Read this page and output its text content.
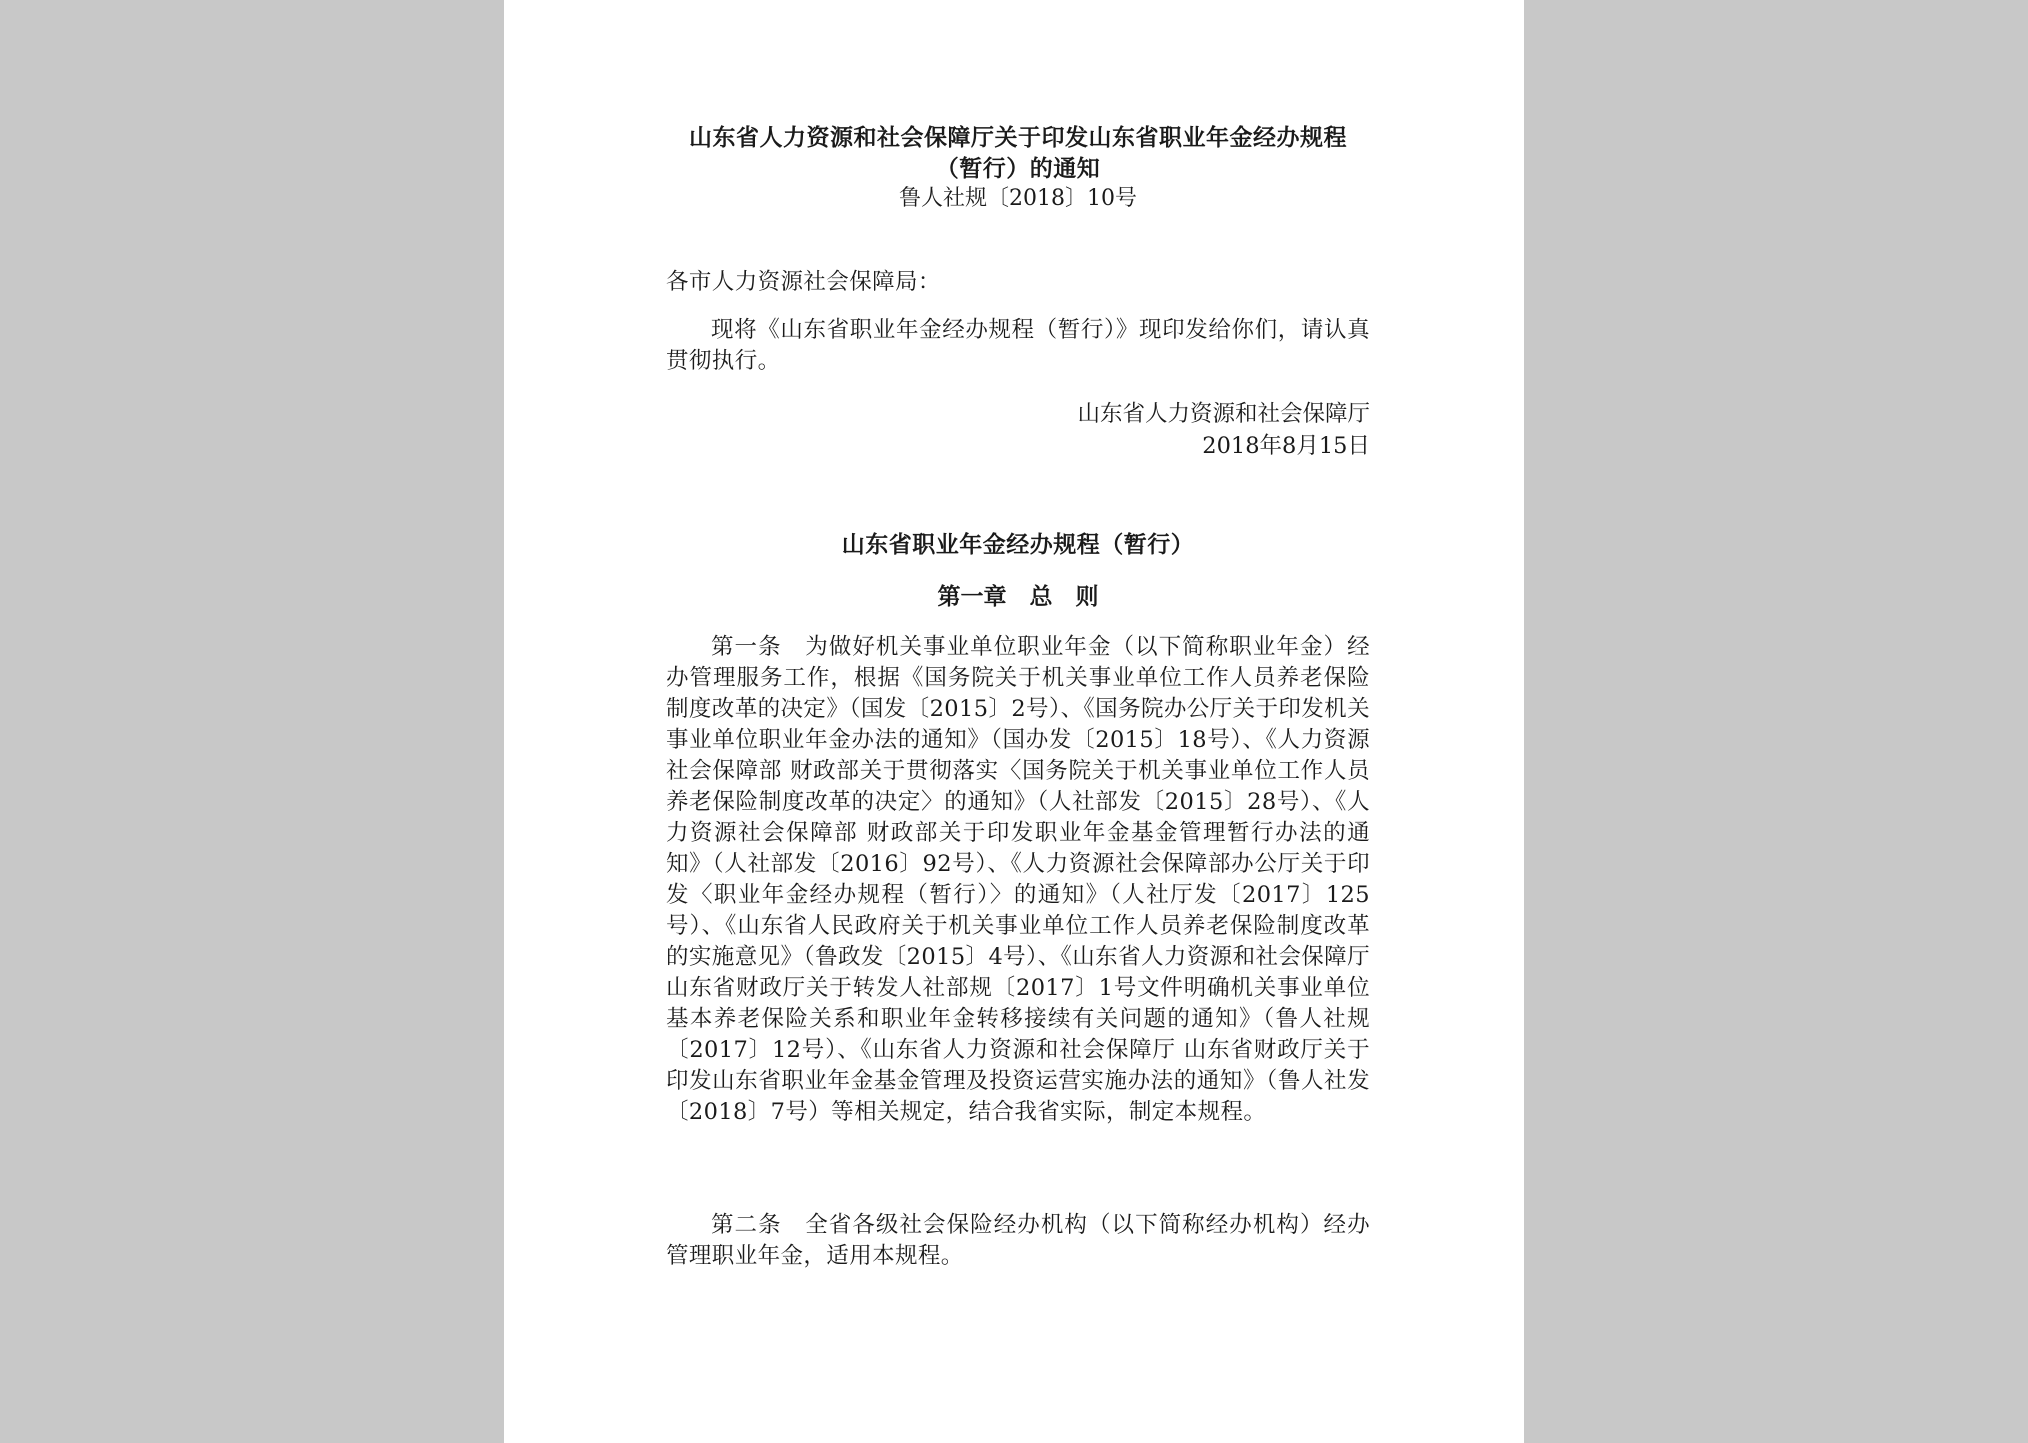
山东省人力资源和社会保障厅关于印发山东省职业年金经办规程
（暂行）的通知
鲁人社规〔2018〕10号
各市人力资源社会保障局：
现将《山东省职业年金经办规程（暂行）》现印发给你们，请认真贯彻执行。
山东省人力资源和社会保障厅
2018年8月15日
山东省职业年金经办规程（暂行）
第一章　总　则
第一条　为做好机关事业单位职业年金（以下简称职业年金）经办管理服务工作，根据《国务院关于机关事业单位工作人员养老保险制度改革的决定》（国发〔2015〕2号）、《国务院办公厅关于印发机关事业单位职业年金办法的通知》（国办发〔2015〕18号）、《人力资源社会保障部 财政部关于贯彻落实〈国务院关于机关事业单位工作人员养老保险制度改革的决定〉的通知》（人社部发〔2015〕28号）、《人力资源社会保障部 财政部关于印发职业年金基金管理暂行办法的通知》（人社部发〔2016〕92号）、《人力资源社会保障部办公厅关于印发〈职业年金经办规程（暂行）〉的通知》（人社厅发〔2017〕125号）、《山东省人民政府关于机关事业单位工作人员养老保险制度改革的实施意见》（鲁政发〔2015〕4号）、《山东省人力资源和社会保障厅 山东省财政厅关于转发人社部规〔2017〕1号文件明确机关事业单位基本养老保险关系和职业年金转移接续有关问题的通知》（鲁人社规〔2017〕12号）、《山东省人力资源和社会保障厅 山东省财政厅关于印发山东省职业年金基金管理及投资运营实施办法的通知》（鲁人社发〔2018〕7号）等相关规定，结合我省实际，制定本规程。
第二条　全省各级社会保险经办机构（以下简称经办机构）经办管理职业年金，适用本规程。
